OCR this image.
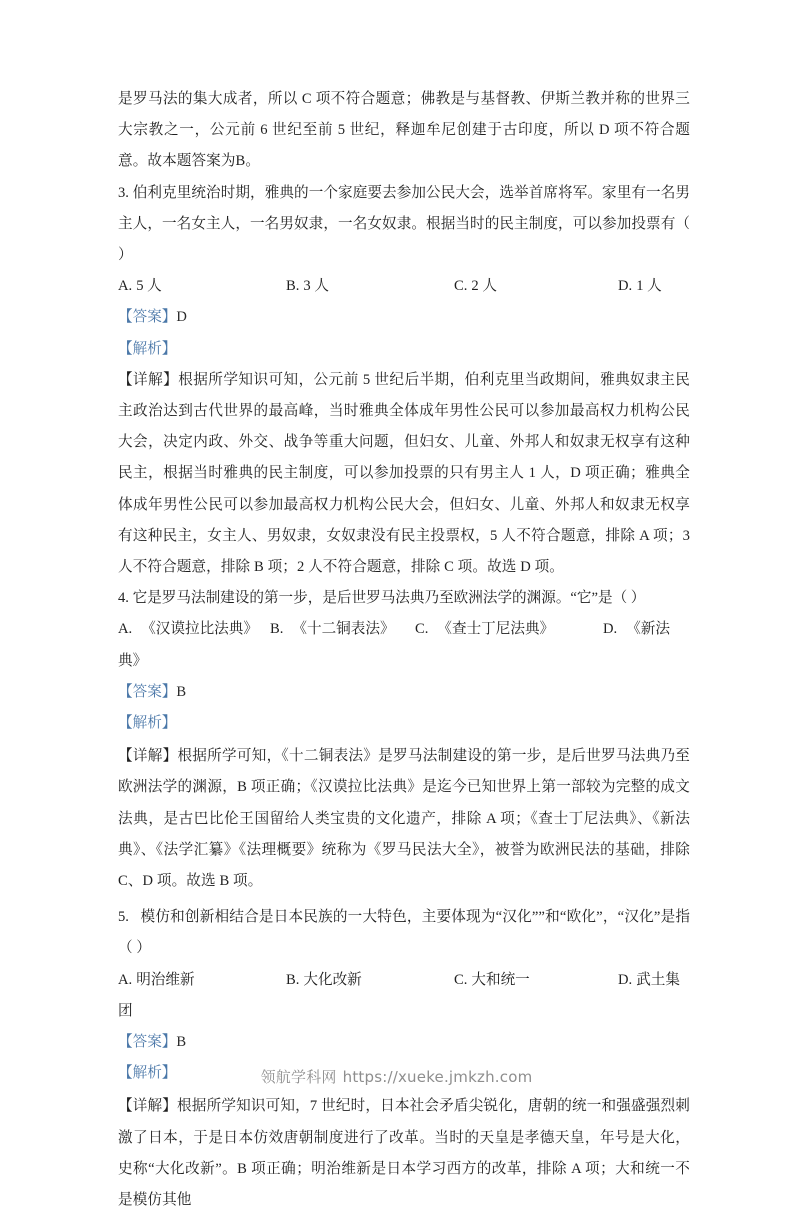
是罗马法的集大成者，所以 C 项不符合题意；佛教是与基督教、伊斯兰教并称的世界三大宗教之一，公元前 6 世纪至前 5 世纪，释迦牟尼创建于古印度，所以 D 项不符合题意。故本题答案为B。

3. 伯利克里统治时期，雅典的一个家庭要去参加公民大会，选举首席将军。家里有一名男主人，一名女主人，一名男奴隶，一名女奴隶。根据当时的民主制度，可以参加投票有（ ）

A. 5 人	B. 3 人	C. 2 人	D. 1 人

【答案】D

【解析】

【详解】根据所学知识可知，公元前 5 世纪后半期，伯利克里当政期间，雅典奴隶主民主政治达到古代世界的最高峰，当时雅典全体成年男性公民可以参加最高权力机构公民大会，决定内政、外交、战争等重大问题，但妇女、儿童、外邦人和奴隶无权享有这种民主，根据当时雅典的民主制度，可以参加投票的只有男主人 1 人，D 项正确；雅典全体成年男性公民可以参加最高权力机构公民大会，但妇女、儿童、外邦人和奴隶无权享有这种民主，女主人、男奴隶，女奴隶没有民主投票权，5 人不符合题意，排除 A 项；3 人不符合题意，排除 B 项；2 人不符合题意，排除 C 项。故选 D 项。

4. 它是罗马法制建设的第一步，是后世罗马法典乃至欧洲法学的渊源。“它”是（ ）

A. 《汉谟拉比法典》 B. 《十二铜表法》 C. 《查士丁尼法典》	D. 《新法

典》

【答案】B

【解析】

【详解】根据所学可知，《十二铜表法》是罗马法制建设的第一步，是后世罗马法典乃至欧洲法学的渊源，B 项正确；《汉谟拉比法典》是迄今已知世界上第一部较为完整的成文法典，是古巴比伦王国留给人类宝贵的文化遗产，排除 A 项；《查士丁尼法典》、《新法典》、《法学汇纂》《法理概要》统称为《罗马民法大全》，被誉为欧洲民法的基础，排除 C、D 项。故选 B 项。

5. 模仿和创新相结合是日本民族的一大特色，主要体现为“汉化””和“欧化”，“汉化”是指（ ）

A. 明治维新	B. 大化改新	C. 大和统一	D. 武土集

团

【答案】B

【解析】

【详解】根据所学知识可知，7 世纪时，日本社会矛盾尖锐化，唐朝的统一和强盛强烈刺激了日本，于是日本仿效唐朝制度进行了改革。当时的天皇是孝德天皇，年号是大化，史称“大化改新”。B 项正确；明治维新是日本学习西方的改革，排除 A 项；大和统一不是模仿其他

领航学科网 https://xueke.jmkzh.com
